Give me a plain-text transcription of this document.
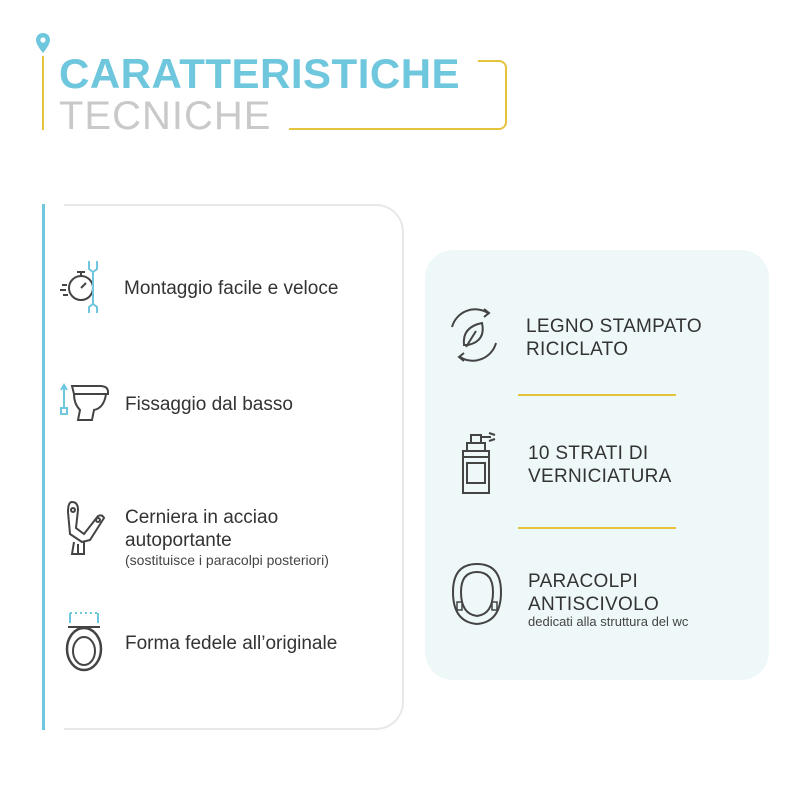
CARATTERISTICHE
TECNICHE
Montaggio facile e veloce
Fissaggio dal basso
Cerniera in acciao
autoportante
(sostituisce i paracolpi posteriori)
Forma fedele all’originale
LEGNO STAMPATO
RICICLATO
10 STRATI DI
VERNICIATURA
PARACOLPI
ANTISCIVOLO
dedicati alla struttura del wc
